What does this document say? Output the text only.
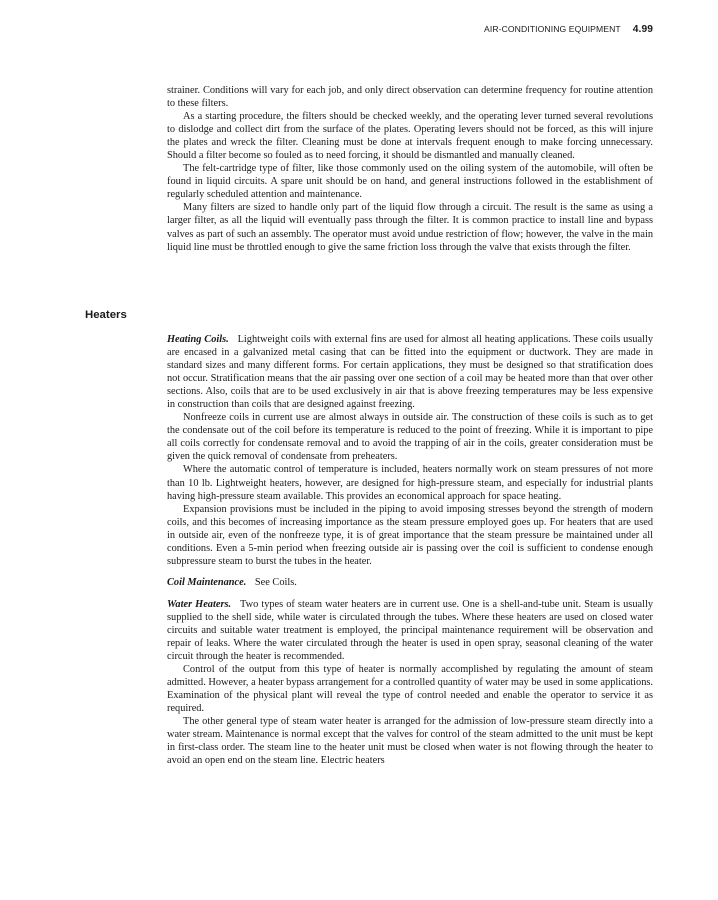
AIR-CONDITIONING EQUIPMENT 4.99

strainer. Conditions will vary for each job, and only direct observation can determine frequency for routine attention to these filters.

As a starting procedure, the filters should be checked weekly, and the operating lever turned several revolutions to dislodge and collect dirt from the surface of the plates. Operating levers should not be forced, as this will injure the plates and wreck the filter. Cleaning must be done at intervals frequent enough to make forcing unnecessary. Should a filter become so fouled as to need forcing, it should be dismantled and manually cleaned.

The felt-cartridge type of filter, like those commonly used on the oiling system of the automobile, will often be found in liquid circuits. A spare unit should be on hand, and general instructions followed in the establishment of regularly scheduled attention and maintenance.

Many filters are sized to handle only part of the liquid flow through a circuit. The result is the same as using a larger filter, as all the liquid will eventually pass through the filter. It is common practice to install line and bypass valves as part of such an assembly. The operator must avoid undue restriction of flow; however, the valve in the main liquid line must be throttled enough to give the same friction loss through the valve that exists through the filter.

Heaters

Heating Coils. Lightweight coils with external fins are used for almost all heating applications. These coils usually are encased in a galvanized metal casing that can be fitted into the equipment or ductwork. They are made in standard sizes and many different forms. For certain applications, they must be designed so that stratification does not occur. Stratification means that the air passing over one section of a coil may be heated more than that over other sections. Also, coils that are to be used exclusively in air that is above freezing temperatures may be less expensive in construction than coils that are designed against freezing.

Nonfreeze coils in current use are almost always in outside air. The construction of these coils is such as to get the condensate out of the coil before its temperature is reduced to the point of freezing. While it is important to pipe all coils correctly for condensate removal and to avoid the trapping of air in the coils, greater consideration must be given the quick removal of condensate from preheaters.

Where the automatic control of temperature is included, heaters normally work on steam pressures of not more than 10 lb. Lightweight heaters, however, are designed for high-pressure steam, and especially for industrial plants having high-pressure steam available. This provides an economical approach for space heating.

Expansion provisions must be included in the piping to avoid imposing stresses beyond the strength of modern coils, and this becomes of increasing importance as the steam pressure employed goes up. For heaters that are used in outside air, even of the nonfreeze type, it is of great importance that the steam pressure be maintained under all conditions. Even a 5-min period when freezing outside air is passing over the coil is sufficient to condense enough subpressure steam to burst the tubes in the heater.

Coil Maintenance. See Coils.

Water Heaters. Two types of steam water heaters are in current use. One is a shell-and-tube unit. Steam is usually supplied to the shell side, while water is circulated through the tubes. Where these heaters are used on closed water circuits and suitable water treatment is employed, the principal maintenance requirement will be observation and repair of leaks. Where the water circulated through the heater is used in open spray, seasonal cleaning of the water circuit through the heater is recommended.

Control of the output from this type of heater is normally accomplished by regulating the amount of steam admitted. However, a heater bypass arrangement for a controlled quantity of water may be used in some applications. Examination of the physical plant will reveal the type of control needed and enable the operator to service it as required.

The other general type of steam water heater is arranged for the admission of low-pressure steam directly into a water stream. Maintenance is normal except that the valves for control of the steam admitted to the unit must be kept in first-class order. The steam line to the heater unit must be closed when water is not flowing through the heater to avoid an open end on the steam line. Electric heaters
